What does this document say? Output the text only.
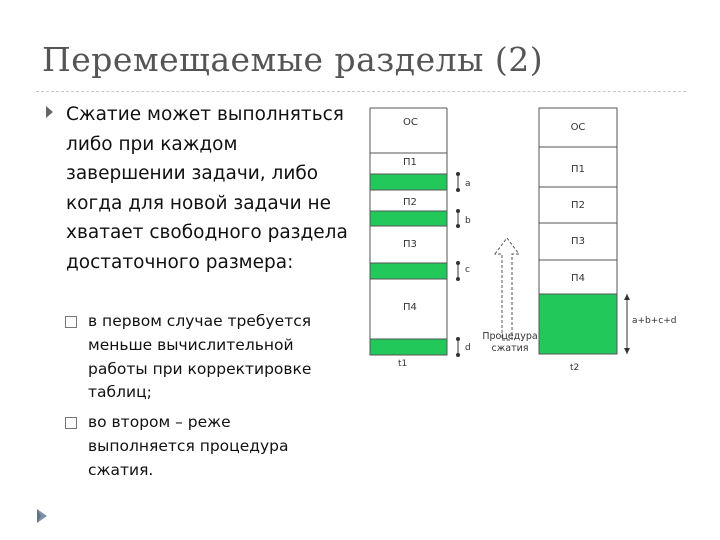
Перемещаемые разделы (2)
Сжатие может выполняться либо при каждом завершении задачи, либо когда для новой задачи не хватает свободного раздела достаточного размера:
в первом случае требуется меньше вычислительной работы при корректировке таблиц;
во втором – реже выполняется процедура сжатия.
ОС
П1
П2
П3
П4
t1
a
b
c
d
Процедура
сжатия
ОС
П1
П2
П3
П4
t2
a+b+c+d
